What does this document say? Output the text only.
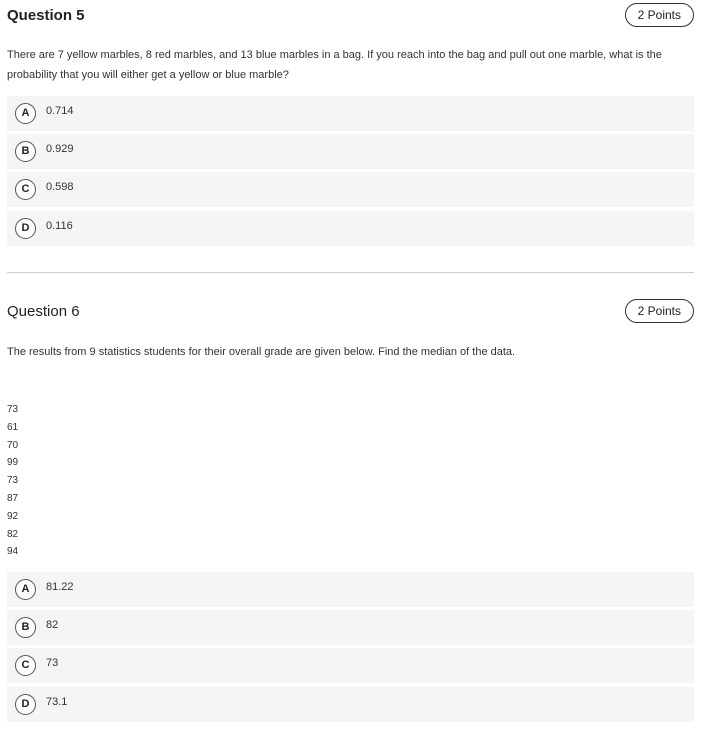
Question 5	2 Points
There are 7 yellow marbles, 8 red marbles, and 13 blue marbles in a bag. If you reach into the bag and pull out one marble, what is the probability that you will either get a yellow or blue marble?
A	0.714
B	0.929
C	0.598
D	0.116
Question 6	2 Points
The results from 9 statistics students for their overall grade are given below. Find the median of the data.
73
61
70
99
73
87
92
82
94
A	81.22
B	82
C	73
D	73.1
